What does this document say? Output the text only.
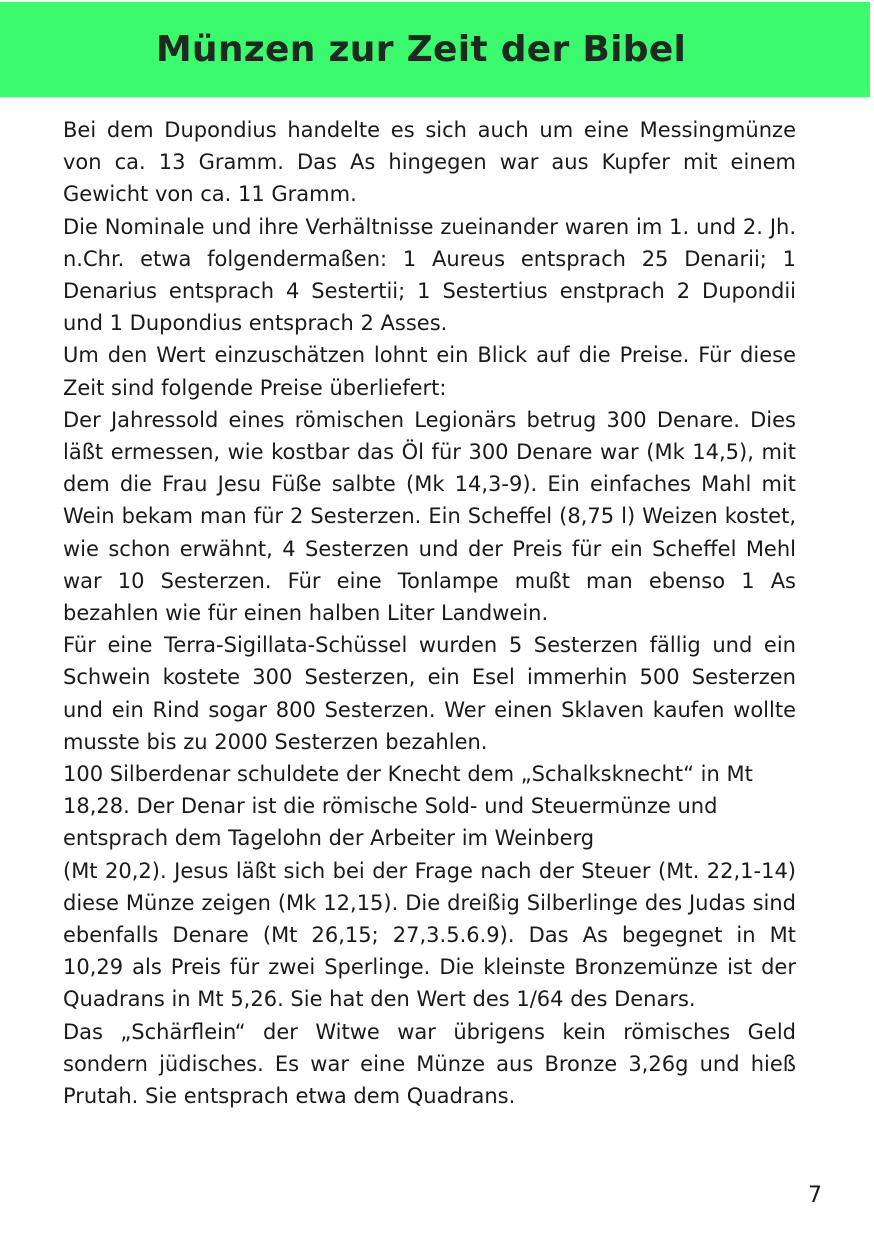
Münzen zur Zeit der Bibel

Bei dem Dupondius handelte es sich auch um eine Messingmünze von ca. 13 Gramm. Das As hingegen war aus Kupfer mit einem Gewicht von ca. 11 Gramm.

Die Nominale und ihre Verhältnisse zueinander waren im 1. und 2. Jh. n.Chr. etwa folgendermaßen: 1 Aureus entsprach 25 Denarii; 1 Denarius entsprach 4 Sestertii; 1 Sestertius enstprach 2 Dupondii und 1 Dupondius entsprach 2 Asses.

Um den Wert einzuschätzen lohnt ein Blick auf die Preise. Für diese Zeit sind folgende Preise überliefert:

Der Jahressold eines römischen Legionärs betrug 300 Denare. Dies läßt ermessen, wie kostbar das Öl für 300 Denare war (Mk 14,5), mit dem die Frau Jesu Füße salbte (Mk 14,3-9). Ein einfaches Mahl mit Wein bekam man für 2 Sesterzen. Ein Scheffel (8,75 l) Weizen kostet, wie schon erwähnt, 4 Sesterzen und der Preis für ein Scheffel Mehl war 10 Sesterzen. Für eine Tonlampe mußt man ebenso 1 As bezahlen wie für einen halben Liter Landwein.

Für eine Terra-Sigillata-Schüssel wurden 5 Sesterzen fällig und ein Schwein kostete 300 Sesterzen, ein Esel immerhin 500 Sesterzen und ein Rind sogar 800 Sesterzen. Wer einen Sklaven kaufen wollte musste bis zu 2000 Sesterzen bezahlen.

100 Silberdenar schuldete der Knecht dem „Schalksknecht“ in Mt 18,28. Der Denar ist die römische Sold- und Steuermünze und entsprach dem Tagelohn der Arbeiter im Weinberg

(Mt 20,2). Jesus läßt sich bei der Frage nach der Steuer (Mt. 22,1-14) diese Münze zeigen (Mk 12,15). Die dreißig Silberlinge des Judas sind ebenfalls Denare (Mt 26,15; 27,3.5.6.9). Das As begegnet in Mt 10,29 als Preis für zwei Sperlinge. Die kleinste Bronzemünze ist der Quadrans in Mt 5,26. Sie hat den Wert des 1/64 des Denars.

Das „Schärflein“ der Witwe war übrigens kein römisches Geld sondern jüdisches. Es war eine Münze aus Bronze 3,26g und hieß Prutah. Sie entsprach etwa dem Quadrans.

7
